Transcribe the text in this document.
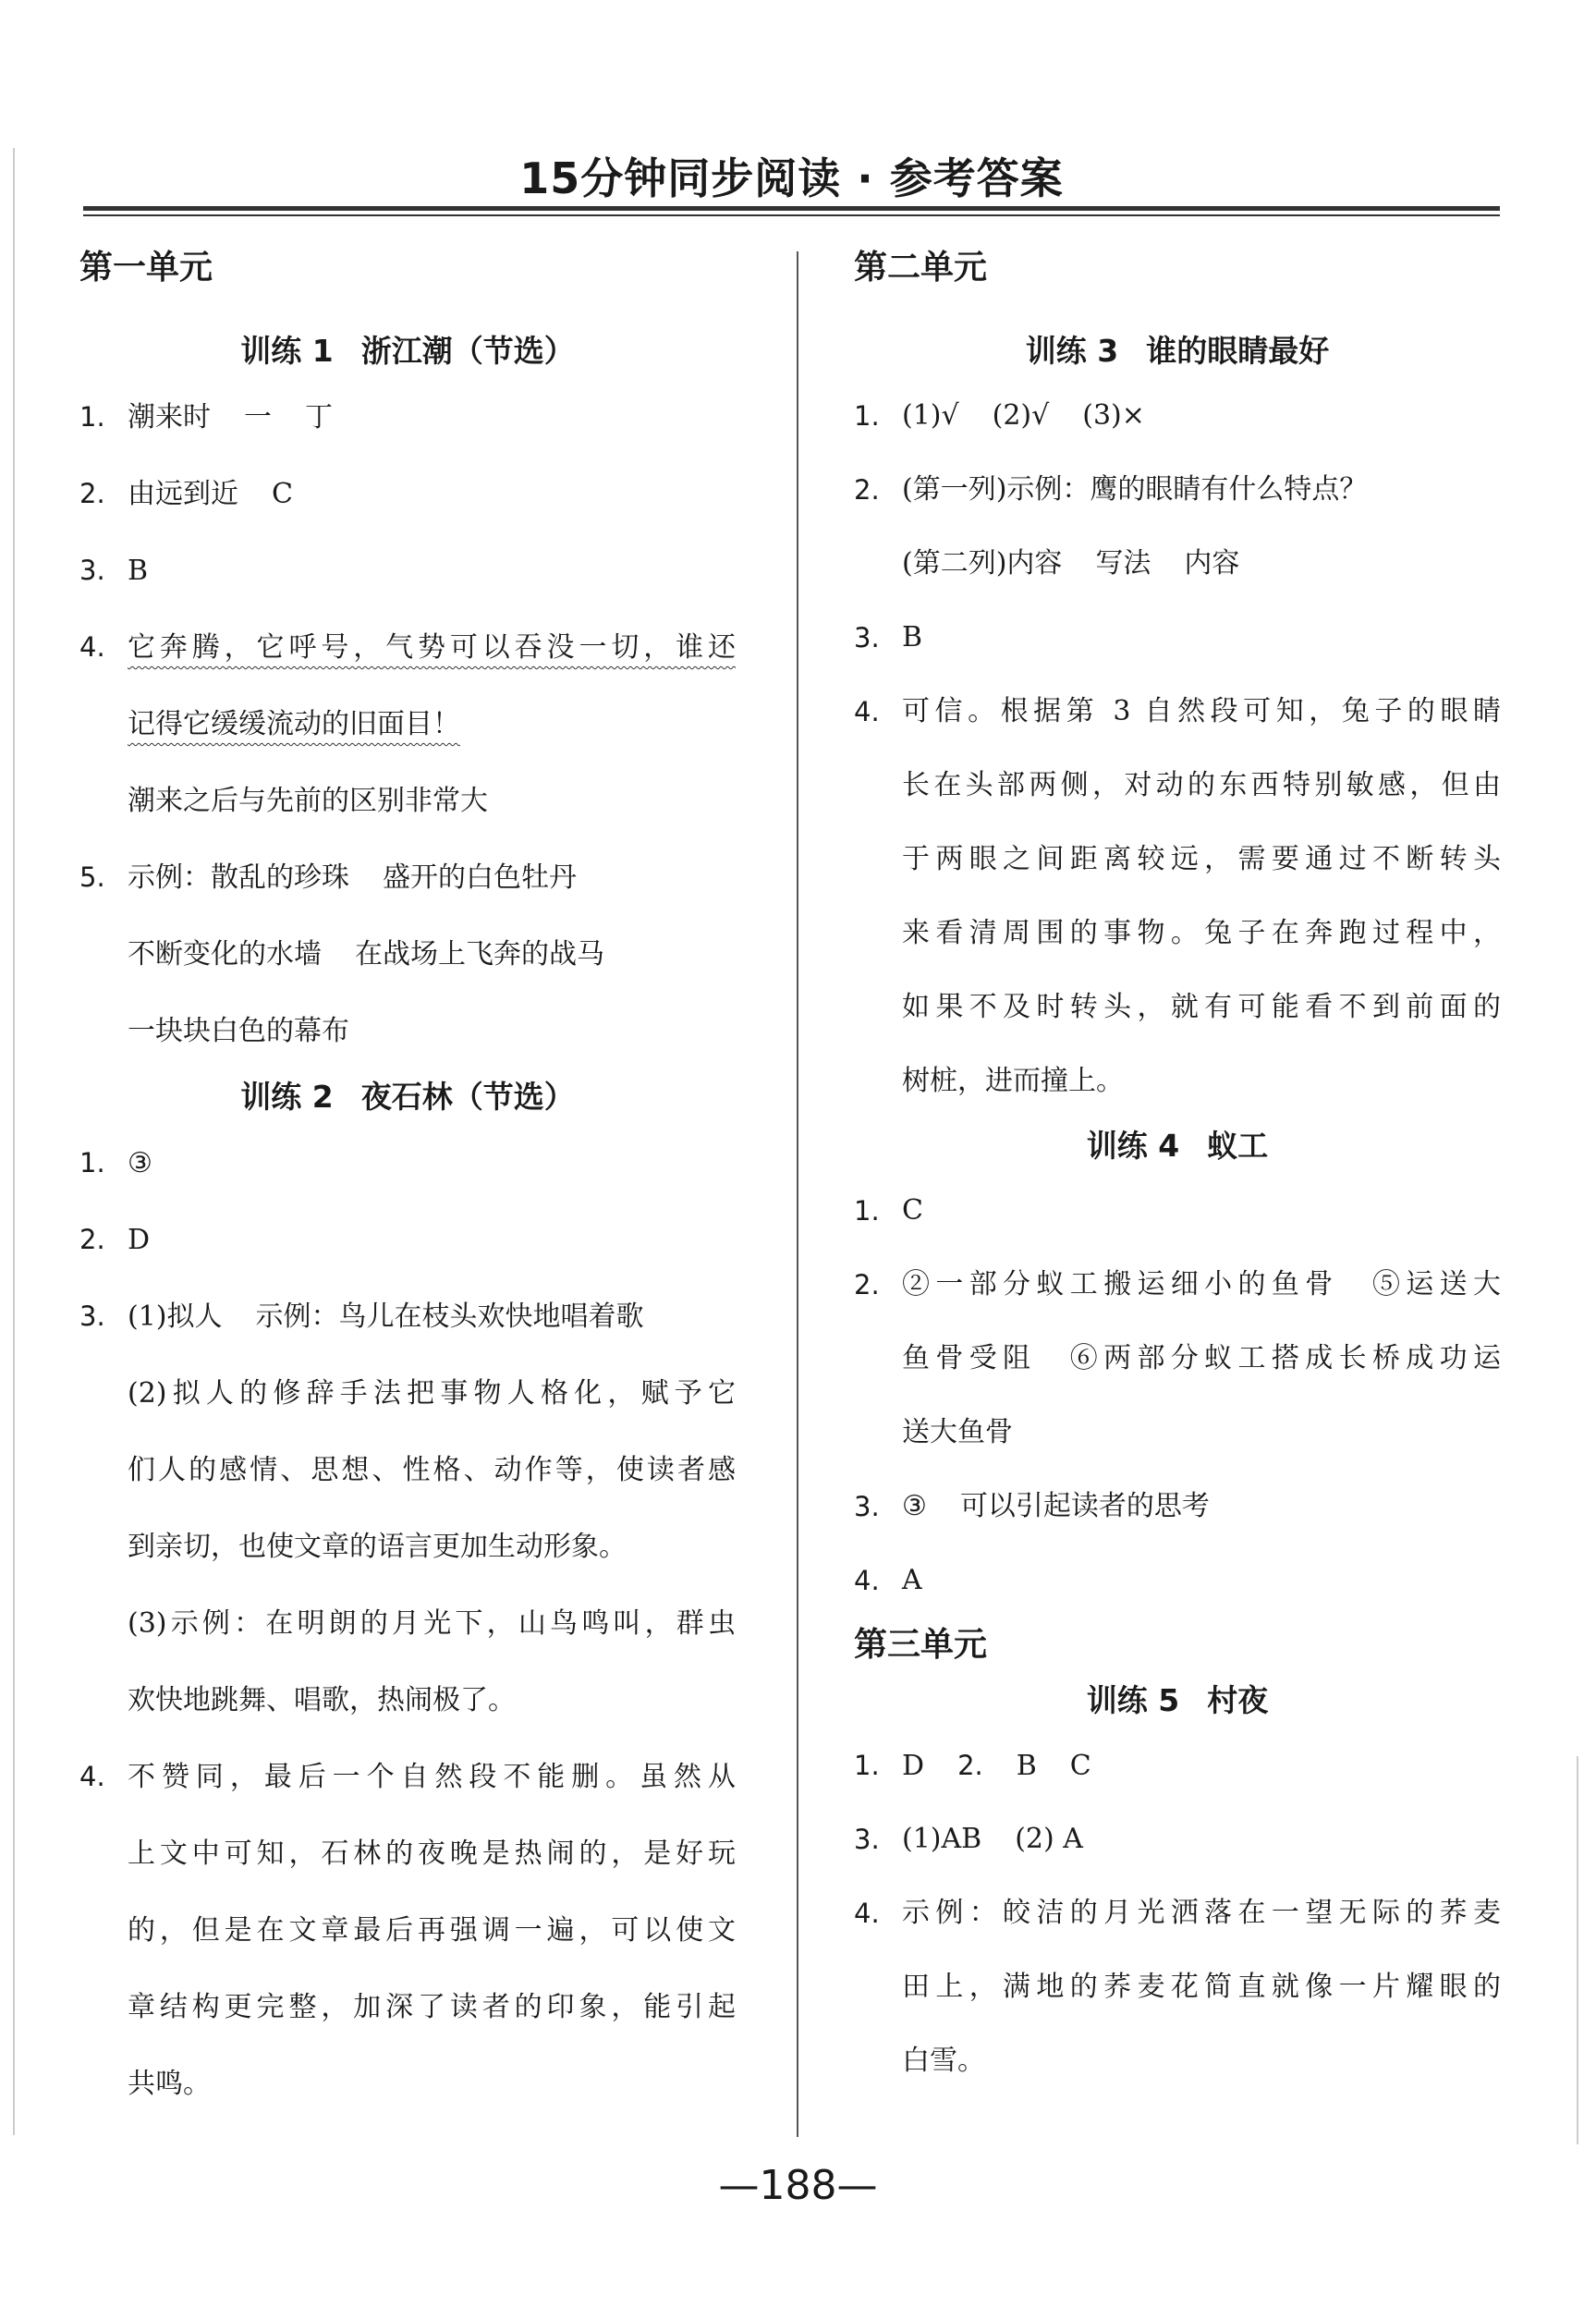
15分钟同步阅读 · 参考答案
第一单元
训练 1 浙江潮（节选）
1. 潮来时 一 丁
2. 由远到近 C
3. B
4. 它奔腾，它呼号，气势可以吞没一切，谁还
记得它缓缓流动的旧面目！
潮来之后与先前的区别非常大
5. 示例：散乱的珍珠 盛开的白色牡丹
不断变化的水墙 在战场上飞奔的战马
一块块白色的幕布
训练 2 夜石林（节选）
1. ③
2. D
3. (1)拟人 示例：鸟儿在枝头欢快地唱着歌
(2)拟人的修辞手法把事物人格化，赋予它
们人的感情、思想、性格、动作等，使读者感
到亲切，也使文章的语言更加生动形象。
(3)示例：在明朗的月光下，山鸟鸣叫，群虫
欢快地跳舞、唱歌，热闹极了。
4. 不赞同，最后一个自然段不能删。虽然从
上文中可知，石林的夜晚是热闹的，是好玩
的，但是在文章最后再强调一遍，可以使文
章结构更完整，加深了读者的印象，能引起
共鸣。
第二单元
训练 3 谁的眼睛最好
1. (1)√ (2)√ (3)×
2. (第一列)示例：鹰的眼睛有什么特点？
(第二列)内容 写法 内容
3. B
4. 可信。根据第 3 自然段可知，兔子的眼睛
长在头部两侧，对动的东西特别敏感，但由
于两眼之间距离较远，需要通过不断转头
来看清周围的事物。兔子在奔跑过程中，
如果不及时转头，就有可能看不到前面的
树桩，进而撞上。
训练 4 蚁工
1. C
2. ②一部分蚁工搬运细小的鱼骨　⑤运送大
鱼骨受阻　⑥两部分蚁工搭成长桥成功运
送大鱼骨
3. ③ 可以引起读者的思考
4. A
第三单元
训练 5 村夜
1. D 2. B C
3. (1)AB (2) A
4. 示例：皎洁的月光洒落在一望无际的荞麦
田上，满地的荞麦花简直就像一片耀眼的
白雪。

—188—
